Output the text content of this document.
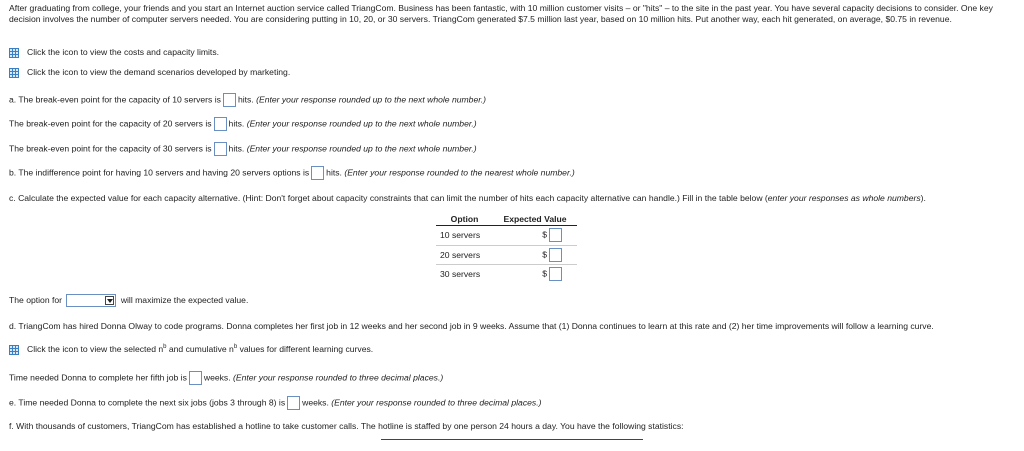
After graduating from college, your friends and you start an Internet auction service called TriangCom. Business has been fantastic, with 10 million customer visits – or "hits" – to the site in the past year. You have several capacity decisions to consider. One key decision involves the number of computer servers needed. You are considering putting in 10, 20, or 30 servers. TriangCom generated $7.5 million last year, based on 10 million hits. Put another way, each hit generated, on average, $0.75 in revenue.
Click the icon to view the costs and capacity limits.
Click the icon to view the demand scenarios developed by marketing.
a. The break-even point for the capacity of 10 servers is hits. (Enter your response rounded up to the next whole number.)
The break-even point for the capacity of 20 servers is hits. (Enter your response rounded up to the next whole number.)
The break-even point for the capacity of 30 servers is hits. (Enter your response rounded up to the next whole number.)
b. The indifference point for having 10 servers and having 20 servers options is hits. (Enter your response rounded to the nearest whole number.)
c. Calculate the expected value for each capacity alternative. (Hint: Don't forget about capacity constraints that can limit the number of hits each capacity alternative can handle.) Fill in the table below (enter your responses as whole numbers).
Option	Expected Value
10 servers	$
20 servers	$
30 servers	$
The option for	will maximize the expected value.
d. TriangCom has hired Donna Olway to code programs. Donna completes her first job in 12 weeks and her second job in 9 weeks. Assume that (1) Donna continues to learn at this rate and (2) her time improvements will follow a learning curve.
Click the icon to view the selected $n^b$ and cumulative $n^b$ values for different learning curves.
Time needed Donna to complete her fifth job is weeks. (Enter your response rounded to three decimal places.)
e. Time needed Donna to complete the next six jobs (jobs 3 through 8) is weeks. (Enter your response rounded to three decimal places.)
f. With thousands of customers, TriangCom has established a hotline to take customer calls. The hotline is staffed by one person 24 hours a day. You have the following statistics:
